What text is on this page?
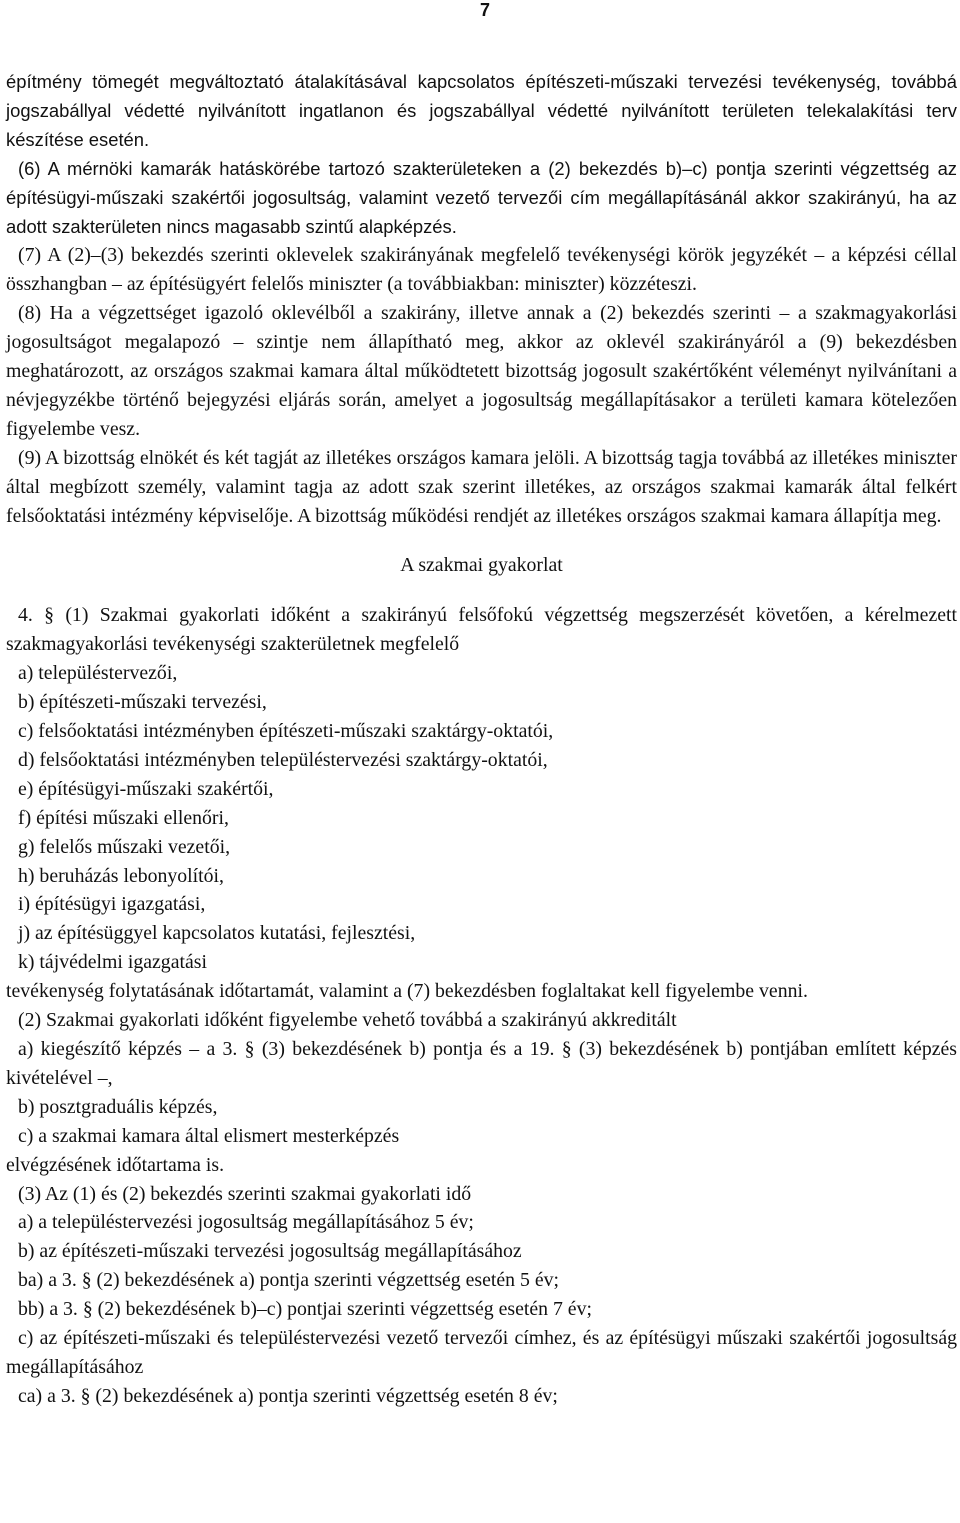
7

építmény tömegét megváltoztató átalakításával kapcsolatos építészeti-műszaki tervezési tevékenység, továbbá jogszabállyal védetté nyilvánított ingatlanon és jogszabállyal védetté nyilvánított területen telekalakítási terv készítése esetén.

(6) A mérnöki kamarák hatáskörébe tartozó szakterületeken a (2) bekezdés b)–c) pontja szerinti végzettség az építésügyi-műszaki szakértői jogosultság, valamint vezető tervezői cím megállapításánál akkor szakirányú, ha az adott szakterületen nincs magasabb szintű alapképzés.

(7) A (2)–(3) bekezdés szerinti oklevelek szakirányának megfelelő tevékenységi körök jegyzékét – a képzési céllal összhangban – az építésügyért felelős miniszter (a továbbiakban: miniszter) közzéteszi.

(8) Ha a végzettséget igazoló oklevélből a szakirány, illetve annak a (2) bekezdés szerinti – a szakmagyakorlási jogosultságot megalapozó – szintje nem állapítható meg, akkor az oklevél szakirányáról a (9) bekezdésben meghatározott, az országos szakmai kamara által működtetett bizottság jogosult szakértőként véleményt nyilvánítani a névjegyzékbe történő bejegyzési eljárás során, amelyet a jogosultság megállapításakor a területi kamara kötelezően figyelembe vesz.

(9) A bizottság elnökét és két tagját az illetékes országos kamara jelöli. A bizottság tagja továbbá az illetékes miniszter által megbízott személy, valamint tagja az adott szak szerint illetékes, az országos szakmai kamarák által felkért felsőoktatási intézmény képviselője. A bizottság működési rendjét az illetékes országos szakmai kamara állapítja meg.

A szakmai gyakorlat

4. § (1) Szakmai gyakorlati időként a szakirányú felsőfokú végzettség megszerzését követően, a kérelmezett szakmagyakorlási tevékenységi szakterületnek megfelelő

a) településtervezői,

b) építészeti-műszaki tervezési,

c) felsőoktatási intézményben építészeti-műszaki szaktárgy-oktatói,

d) felsőoktatási intézményben településtervezési szaktárgy-oktatói,

e) építésügyi-műszaki szakértői,

f) építési műszaki ellenőri,

g) felelős műszaki vezetői,

h) beruházás lebonyolítói,

i) építésügyi igazgatási,

j) az építésüggyel kapcsolatos kutatási, fejlesztési,

k) tájvédelmi igazgatási

tevékenység folytatásának időtartamát, valamint a (7) bekezdésben foglaltakat kell figyelembe venni.

(2) Szakmai gyakorlati időként figyelembe vehető továbbá a szakirányú akkreditált

a) kiegészítő képzés – a 3. § (3) bekezdésének b) pontja és a 19. § (3) bekezdésének b) pontjában említett képzés kivételével –,

b) posztgraduális képzés,

c) a szakmai kamara által elismert mesterképzés

elvégzésének időtartama is.

(3) Az (1) és (2) bekezdés szerinti szakmai gyakorlati idő

a) a településtervezési jogosultság megállapításához 5 év;

b) az építészeti-műszaki tervezési jogosultság megállapításához

ba) a 3. § (2) bekezdésének a) pontja szerinti végzettség esetén 5 év;

bb) a 3. § (2) bekezdésének b)–c) pontjai szerinti végzettség esetén 7 év;

c) az építészeti-műszaki és településtervezési vezető tervezői címhez, és az építésügyi műszaki szakértői jogosultság megállapításához

ca) a 3. § (2) bekezdésének a) pontja szerinti végzettség esetén 8 év;
